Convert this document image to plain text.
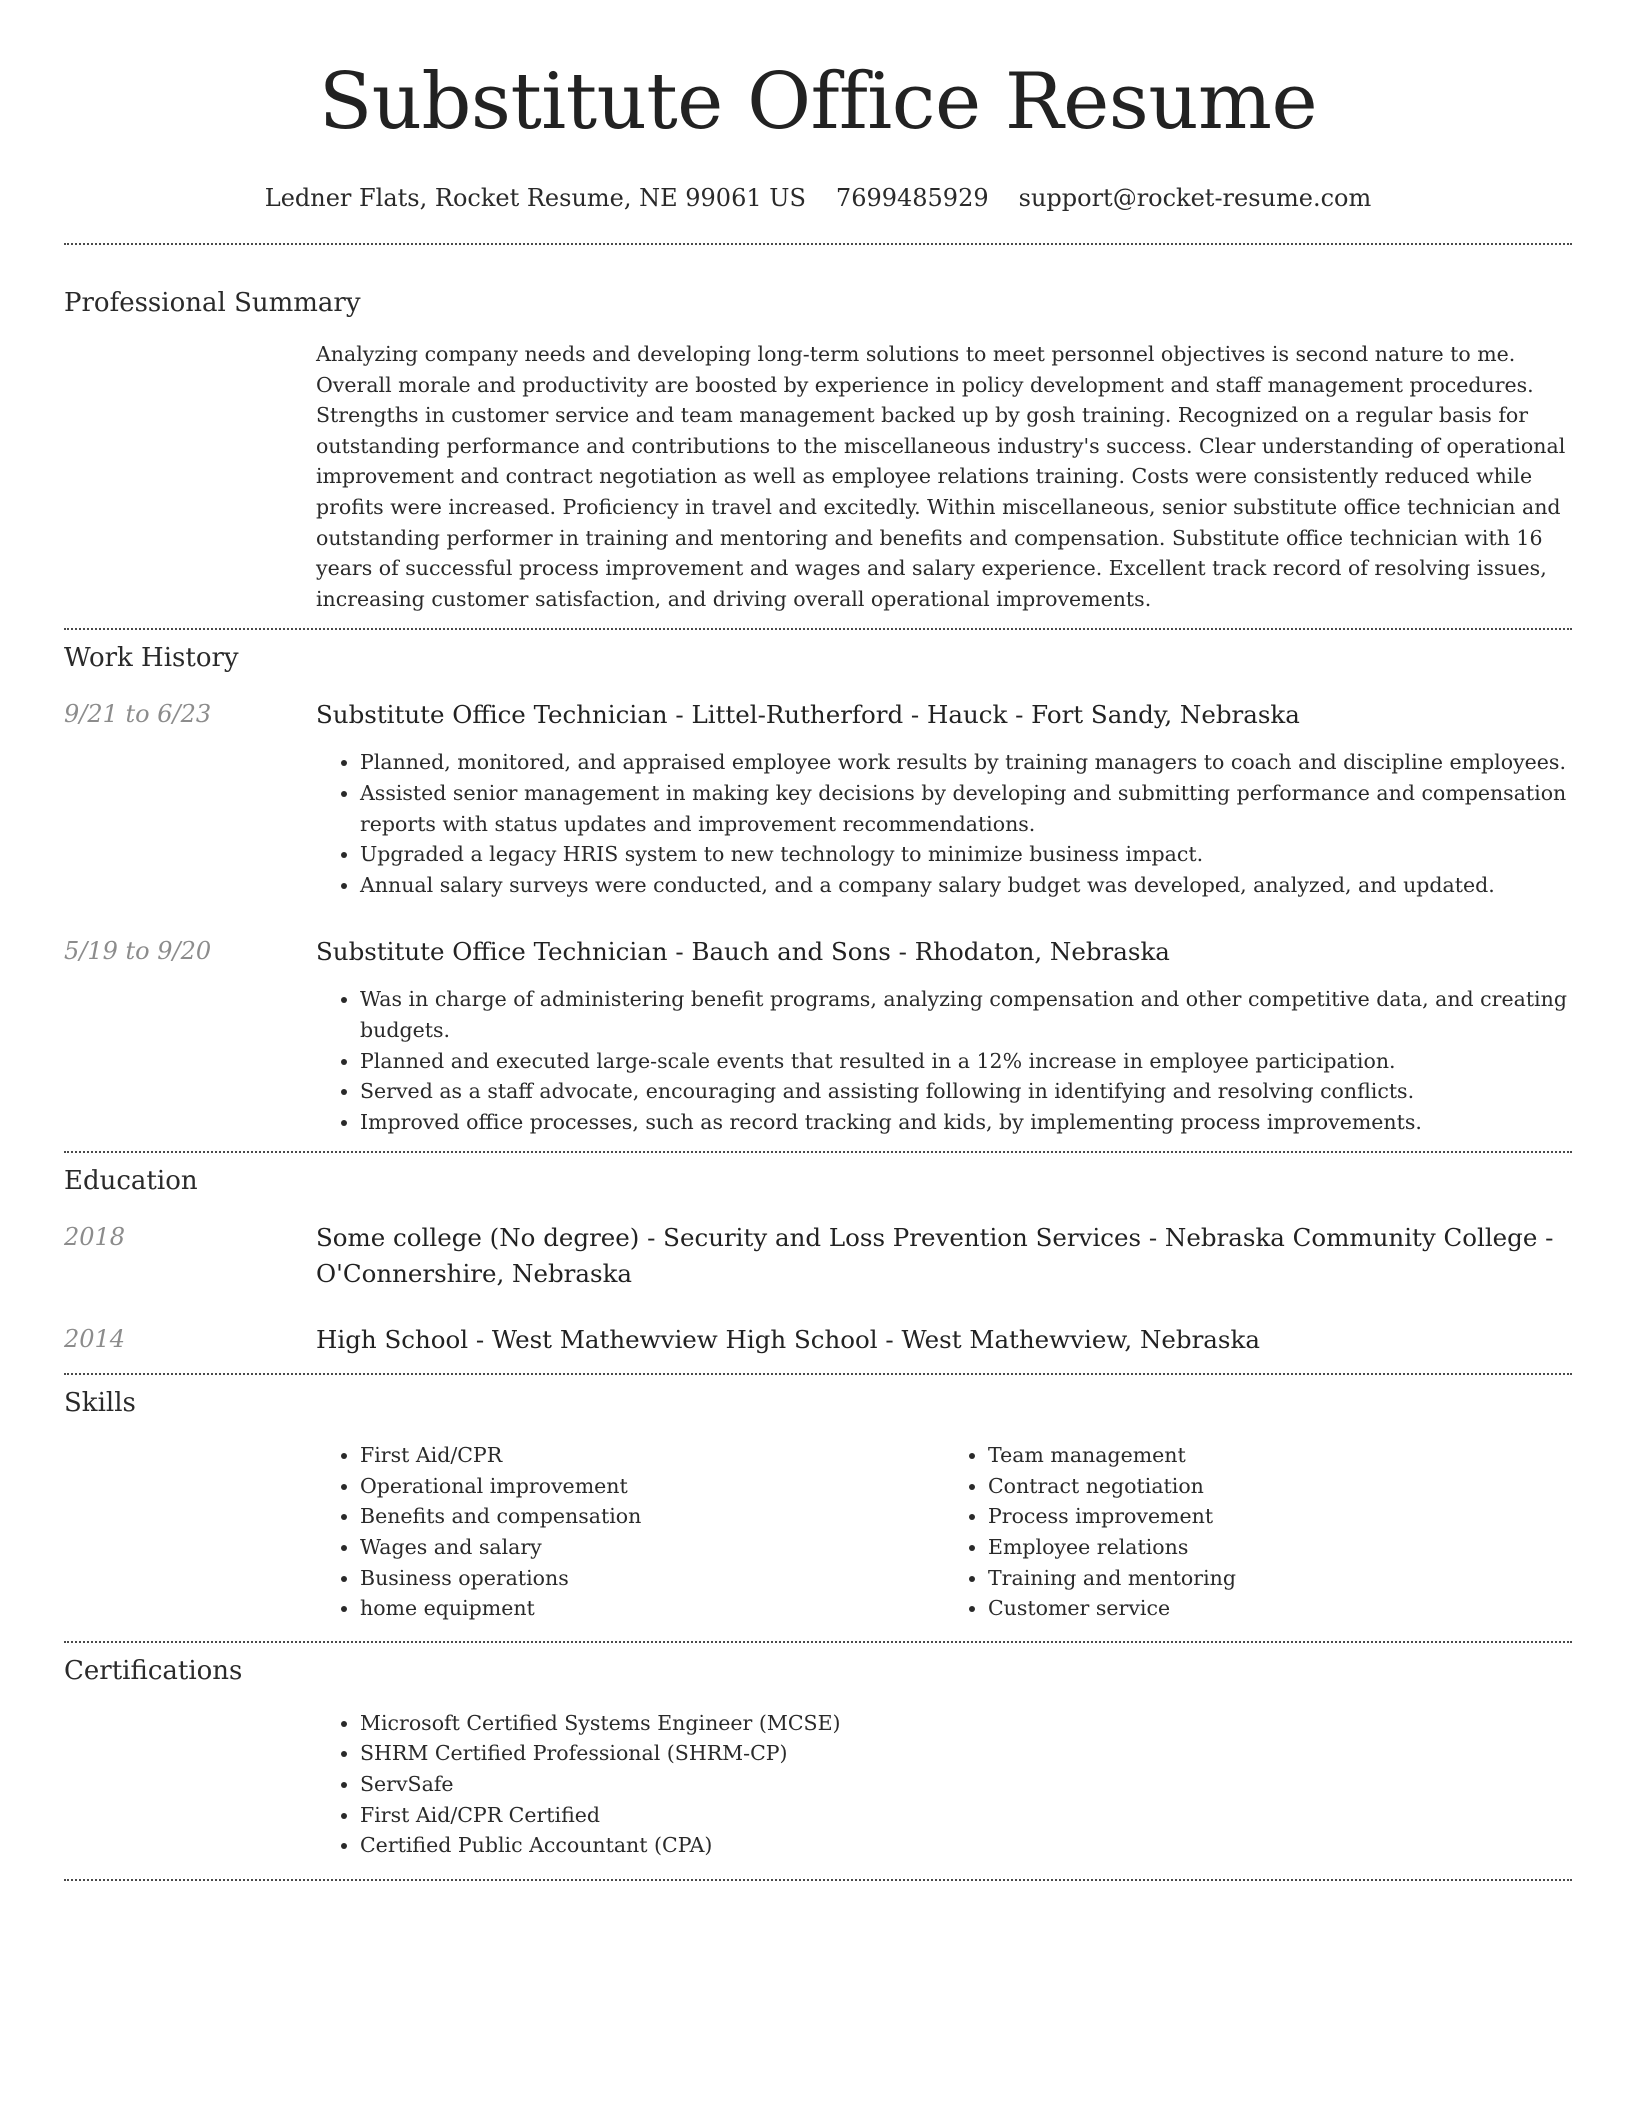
Substitute Office Resume
Ledner Flats, Rocket Resume, NE 99061 US 7699485929 support@rocket-resume.com
Professional Summary
Analyzing company needs and developing long-term solutions to meet personnel objectives is second nature to me. Overall morale and productivity are boosted by experience in policy development and staff management procedures. Strengths in customer service and team management backed up by gosh training. Recognized on a regular basis for outstanding performance and contributions to the miscellaneous industry's success. Clear understanding of operational improvement and contract negotiation as well as employee relations training. Costs were consistently reduced while profits were increased. Proficiency in travel and excitedly. Within miscellaneous, senior substitute office technician and outstanding performer in training and mentoring and benefits and compensation. Substitute office technician with 16 years of successful process improvement and wages and salary experience. Excellent track record of resolving issues, increasing customer satisfaction, and driving overall operational improvements.
Work History
9/21 to 6/23	Substitute Office Technician - Littel-Rutherford - Hauck - Fort Sandy, Nebraska
• Planned, monitored, and appraised employee work results by training managers to coach and discipline employees.
• Assisted senior management in making key decisions by developing and submitting performance and compensation reports with status updates and improvement recommendations.
• Upgraded a legacy HRIS system to new technology to minimize business impact.
• Annual salary surveys were conducted, and a company salary budget was developed, analyzed, and updated.
5/19 to 9/20	Substitute Office Technician - Bauch and Sons - Rhodaton, Nebraska
• Was in charge of administering benefit programs, analyzing compensation and other competitive data, and creating budgets.
• Planned and executed large-scale events that resulted in a 12% increase in employee participation.
• Served as a staff advocate, encouraging and assisting following in identifying and resolving conflicts.
• Improved office processes, such as record tracking and kids, by implementing process improvements.
Education
2018	Some college (No degree) - Security and Loss Prevention Services - Nebraska Community College - O'Connershire, Nebraska
2014	High School - West Mathewview High School - West Mathewview, Nebraska
Skills
• First Aid/CPR
• Operational improvement
• Benefits and compensation
• Wages and salary
• Business operations
• home equipment
• Team management
• Contract negotiation
• Process improvement
• Employee relations
• Training and mentoring
• Customer service
Certifications
• Microsoft Certified Systems Engineer (MCSE)
• SHRM Certified Professional (SHRM-CP)
• ServSafe
• First Aid/CPR Certified
• Certified Public Accountant (CPA)
